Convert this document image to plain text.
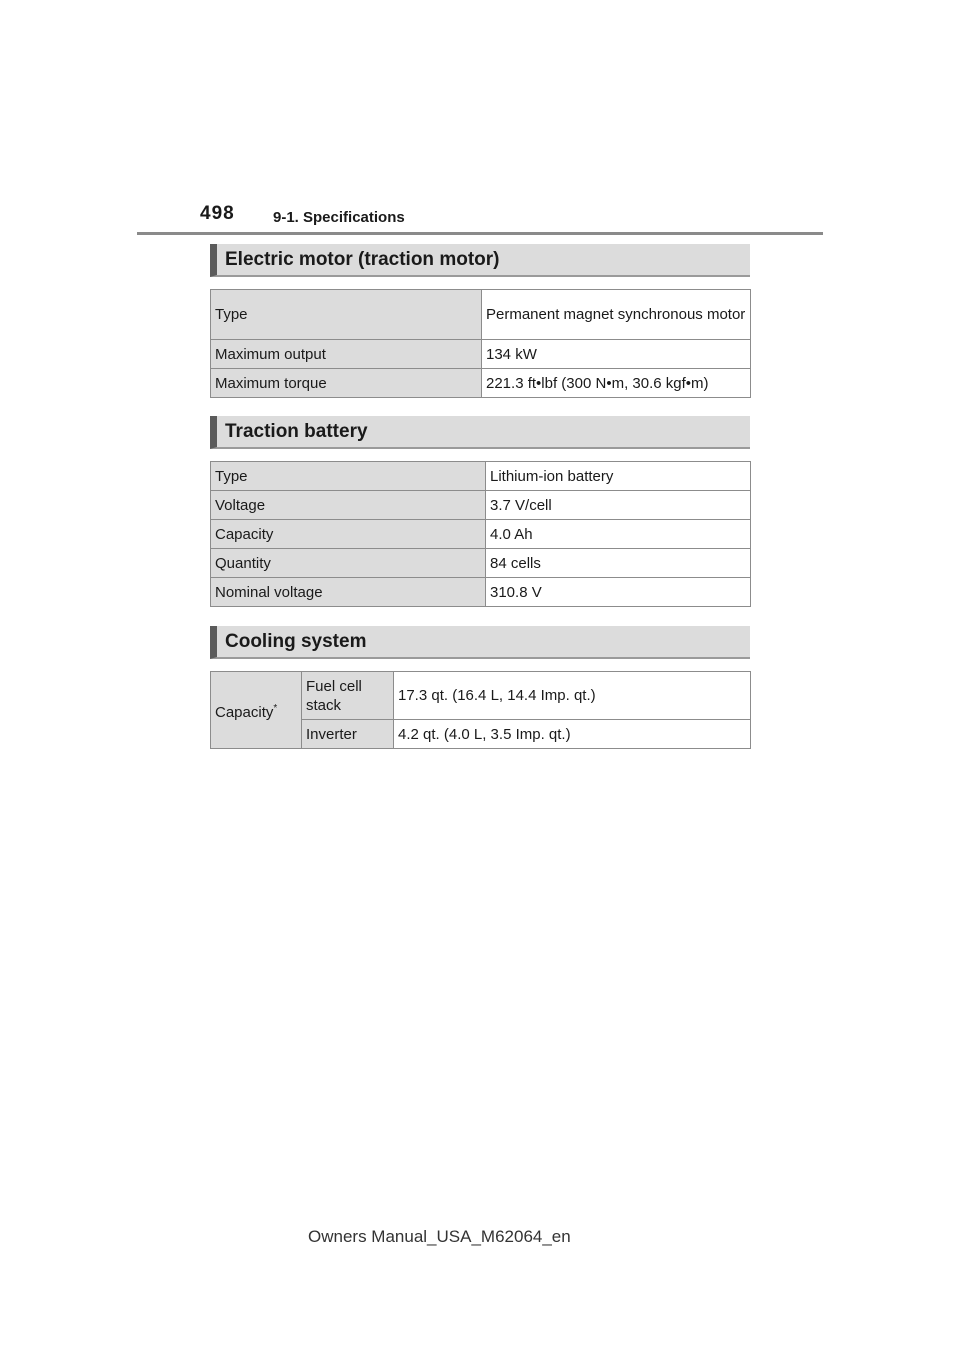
498	9-1. Specifications
Electric motor (traction motor)
Type	Permanent magnet synchronous motor
Maximum output	134 kW
Maximum torque	221.3 ft•lbf (300 N•m, 30.6 kgf•m)
Traction battery
Type	Lithium-ion battery
Voltage	3.7 V/cell
Capacity	4.0 Ah
Quantity	84 cells
Nominal voltage	310.8 V
Cooling system
Capacity*	Fuel cell stack	17.3 qt. (16.4 L, 14.4 Imp. qt.)
	Inverter	4.2 qt. (4.0 L, 3.5 Imp. qt.)
Owners Manual_USA_M62064_en
